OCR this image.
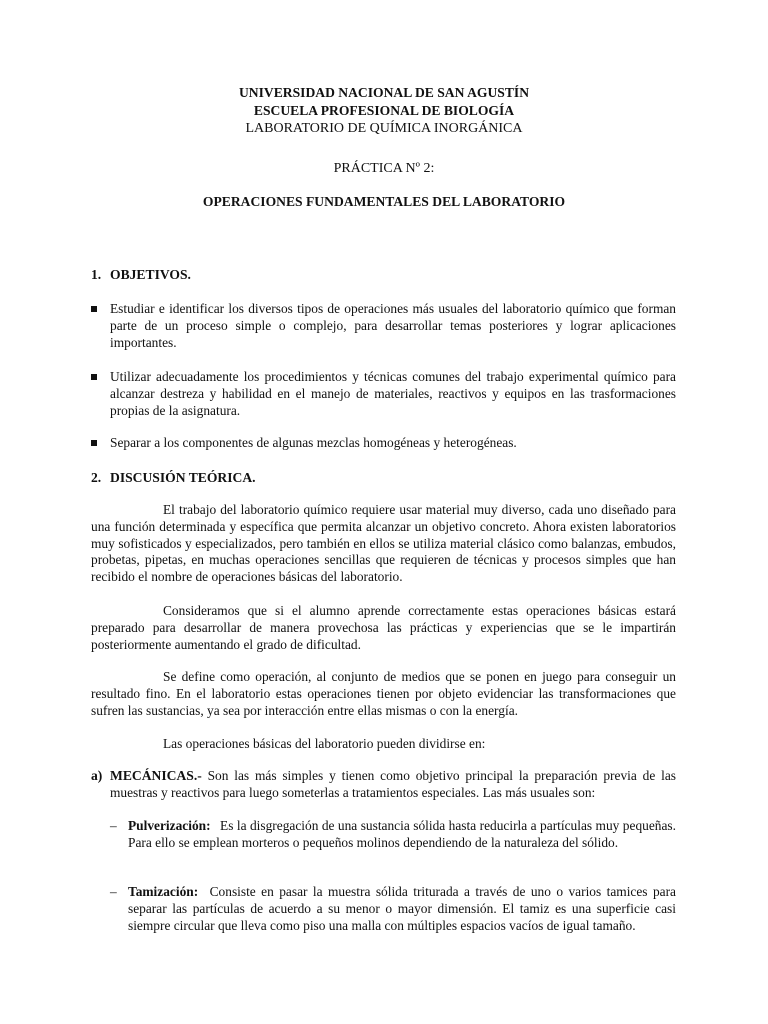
UNIVERSIDAD NACIONAL DE SAN AGUSTÍN
ESCUELA PROFESIONAL DE BIOLOGÍA
LABORATORIO DE QUÍMICA INORGÁNICA
PRÁCTICA Nº 2:
OPERACIONES FUNDAMENTALES DEL LABORATORIO
1. OBJETIVOS.
Estudiar e identificar los diversos tipos de operaciones más usuales del laboratorio químico que forman parte de un proceso simple o complejo, para desarrollar temas posteriores y lograr aplicaciones importantes.
Utilizar adecuadamente los procedimientos y técnicas comunes del trabajo experimental químico para alcanzar destreza y habilidad en el manejo de materiales, reactivos y equipos en las trasformaciones propias de la asignatura.
Separar a los componentes de algunas mezclas homogéneas y heterogéneas.
2. DISCUSIÓN TEÓRICA.
El trabajo del laboratorio químico requiere usar material muy diverso, cada uno diseñado para una función determinada y específica que permita alcanzar un objetivo concreto. Ahora existen laboratorios muy sofisticados y especializados, pero también en ellos se utiliza material clásico como balanzas, embudos, probetas, pipetas, en muchas operaciones sencillas que requieren de técnicas y procesos simples que han recibido el nombre de operaciones básicas del laboratorio.
Consideramos que si el alumno aprende correctamente estas operaciones básicas estará preparado para desarrollar de manera provechosa las prácticas y experiencias que se le impartirán posteriormente aumentando el grado de dificultad.
Se define como operación, al conjunto de medios que se ponen en juego para conseguir un resultado fino. En el laboratorio estas operaciones tienen por objeto evidenciar las transformaciones que sufren las sustancias, ya sea por interacción entre ellas mismas o con la energía.
Las operaciones básicas del laboratorio pueden dividirse en:
a) MECÁNICAS.- Son las más simples y tienen como objetivo principal la preparación previa de las muestras y reactivos para luego someterlas a tratamientos especiales. Las más usuales son:
– Pulverización: Es la disgregación de una sustancia sólida hasta reducirla a partículas muy pequeñas. Para ello se emplean morteros o pequeños molinos dependiendo de la naturaleza del sólido.
– Tamización: Consiste en pasar la muestra sólida triturada a través de uno o varios tamices para separar las partículas de acuerdo a su menor o mayor dimensión. El tamiz es una superficie casi siempre circular que lleva como piso una malla con múltiples espacios vacíos de igual tamaño.
